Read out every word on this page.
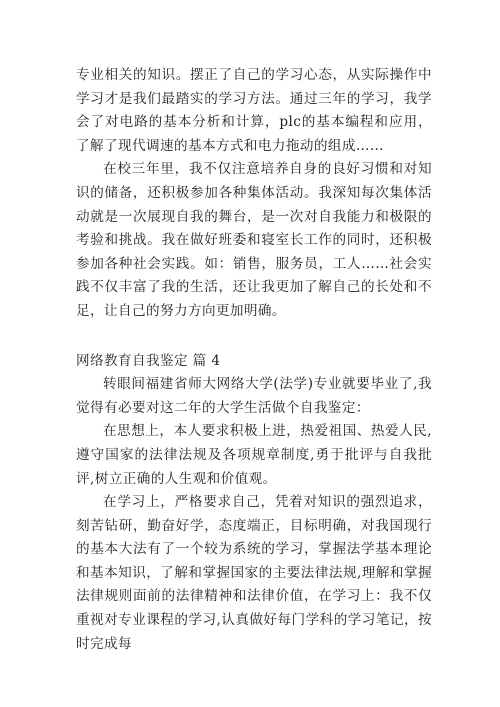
专业相关的知识。摆正了自己的学习心态，从实际操作中学习才是我们最踏实的学习方法。通过三年的学习，我学会了对电路的基本分析和计算，plc的基本编程和应用，了解了现代调速的基本方式和电力拖动的组成……

在校三年里，我不仅注意培养自身的良好习惯和对知识的储备，还积极参加各种集体活动。我深知每次集体活动就是一次展现自我的舞台，是一次对自我能力和极限的考验和挑战。我在做好班委和寝室长工作的同时，还积极参加各种社会实践。如：销售，服务员，工人……社会实践不仅丰富了我的生活，还让我更加了解自己的长处和不足，让自己的努力方向更加明确。

网络教育自我鉴定 篇 4

转眼间福建省师大网络大学(法学)专业就要毕业了,我觉得有必要对这二年的大学生活做个自我鉴定：

在思想上，本人要求积极上进，热爱祖国、热爱人民,遵守国家的法律法规及各项规章制度,勇于批评与自我批评,树立正确的人生观和价值观。

在学习上，严格要求自己，凭着对知识的强烈追求，刻苦钻研，勤奋好学，态度端正，目标明确，对我国现行的基本大法有了一个较为系统的学习，掌握法学基本理论和基本知识，了解和掌握国家的主要法律法规,理解和掌握法律规则面前的法律精神和法律价值，在学习上：我不仅重视对专业课程的学习,认真做好每门学科的学习笔记，按时完成每
